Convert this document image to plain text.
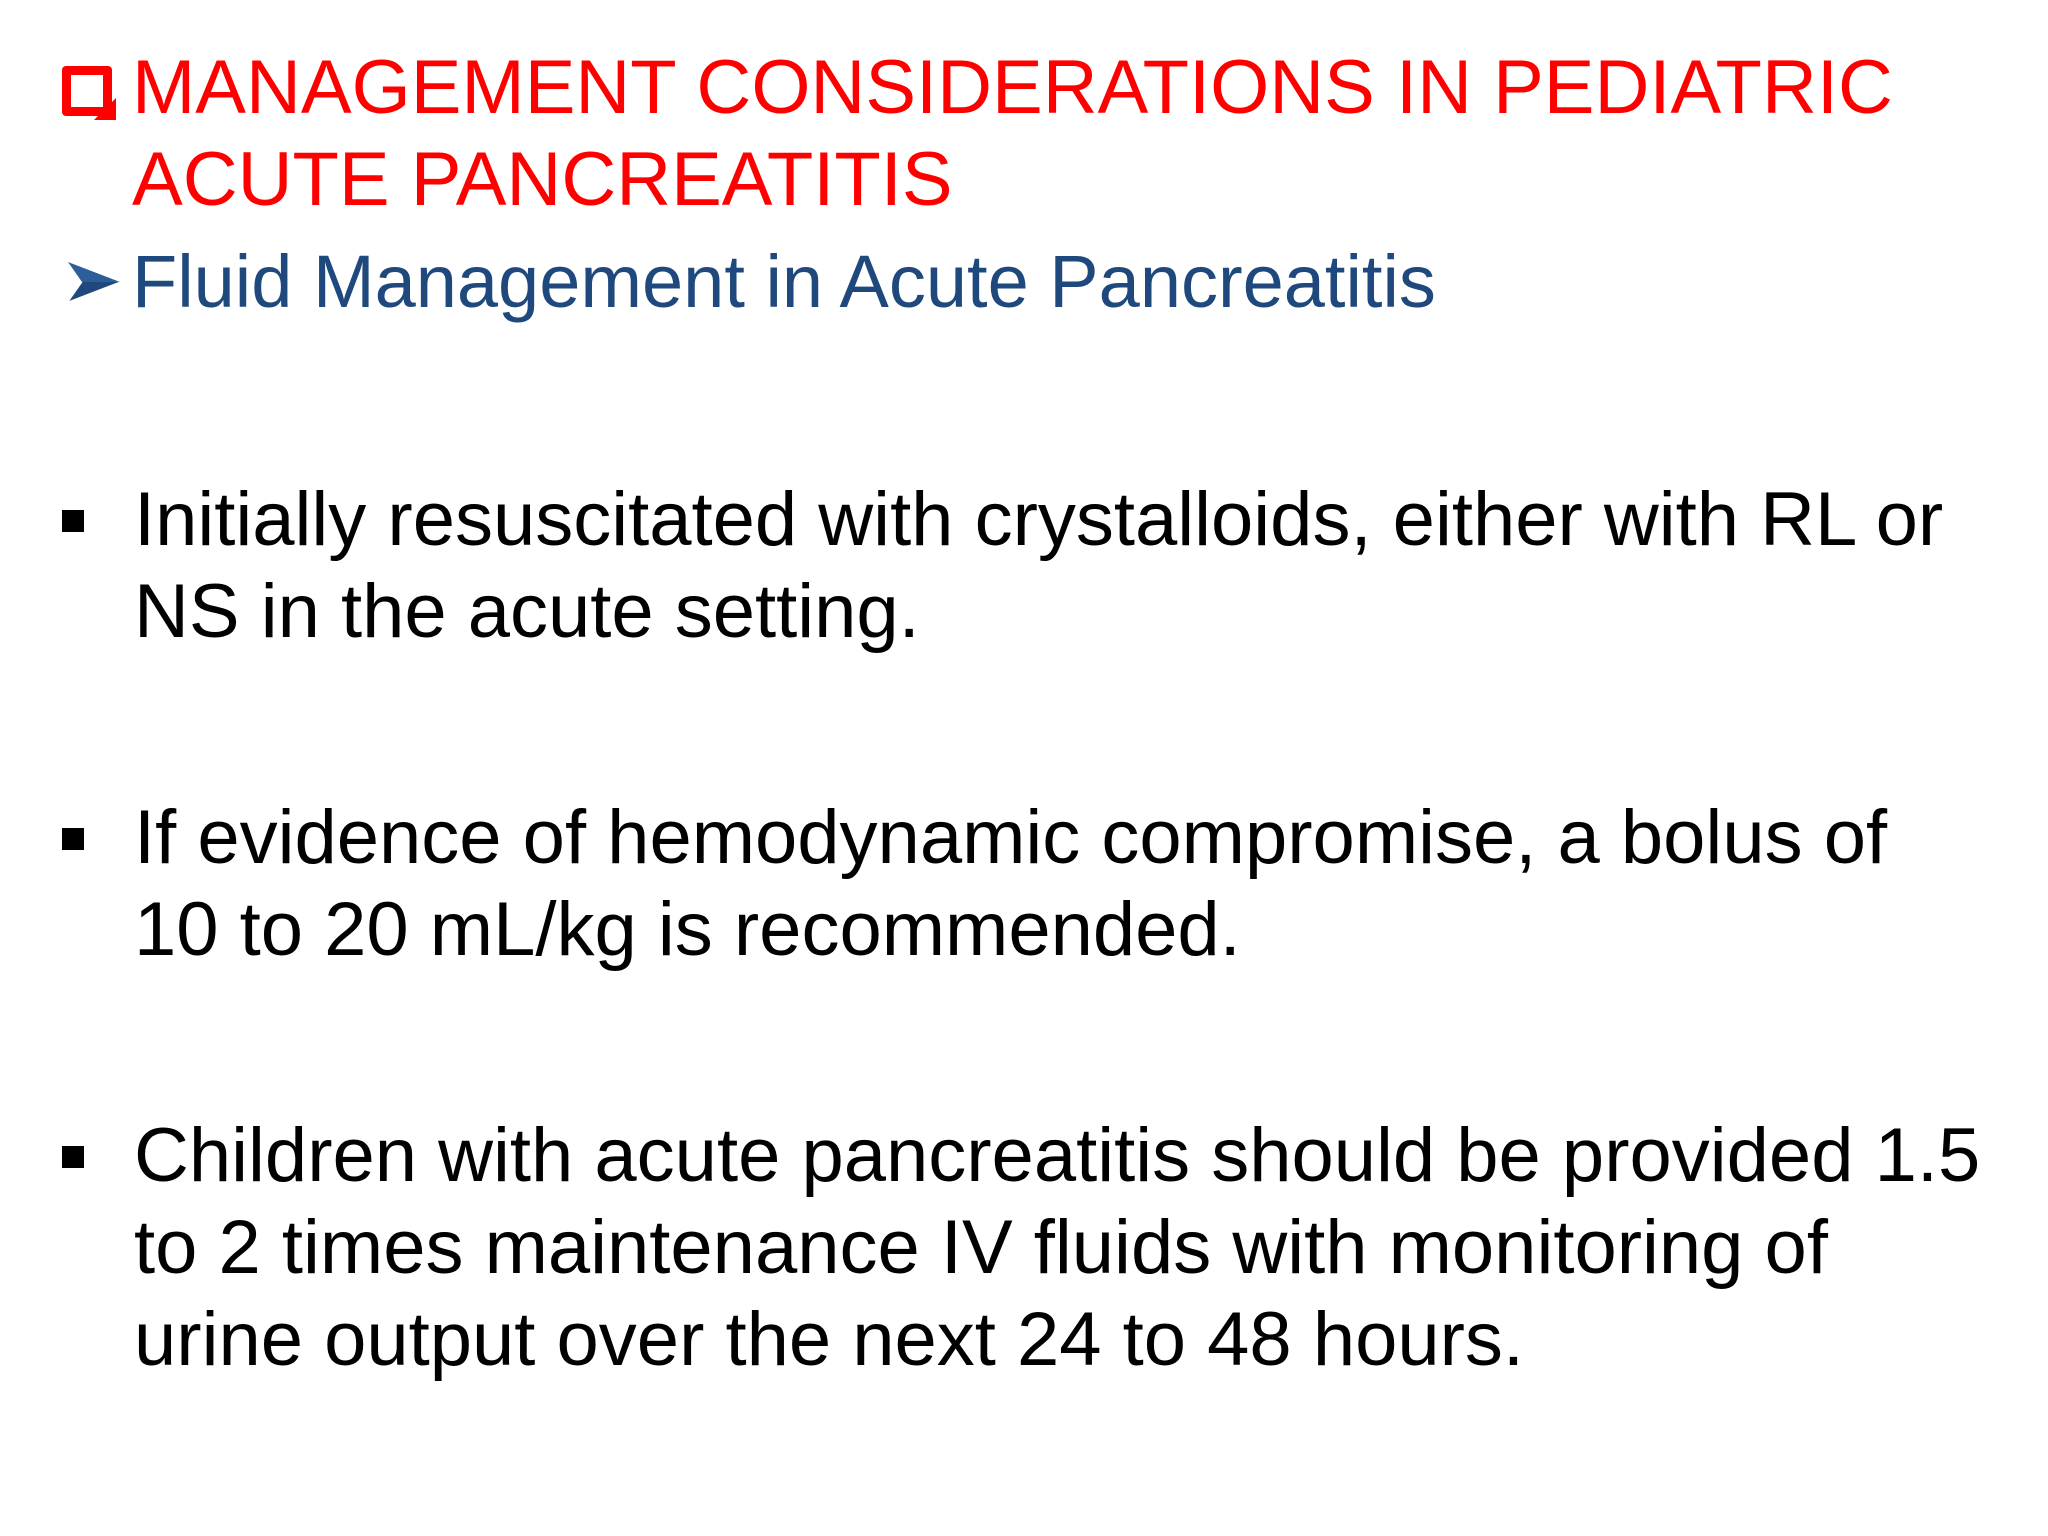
MANAGEMENT CONSIDERATIONS IN PEDIATRIC ACUTE PANCREATITIS
Fluid Management in Acute Pancreatitis

Initially resuscitated with crystalloids, either with RL or NS in the acute setting.

If evidence of hemodynamic compromise, a bolus of 10 to 20 mL/kg is recommended.

Children with acute pancreatitis should be provided 1.5 to 2 times maintenance IV fluids with monitoring of urine output over the next 24 to 48 hours.
